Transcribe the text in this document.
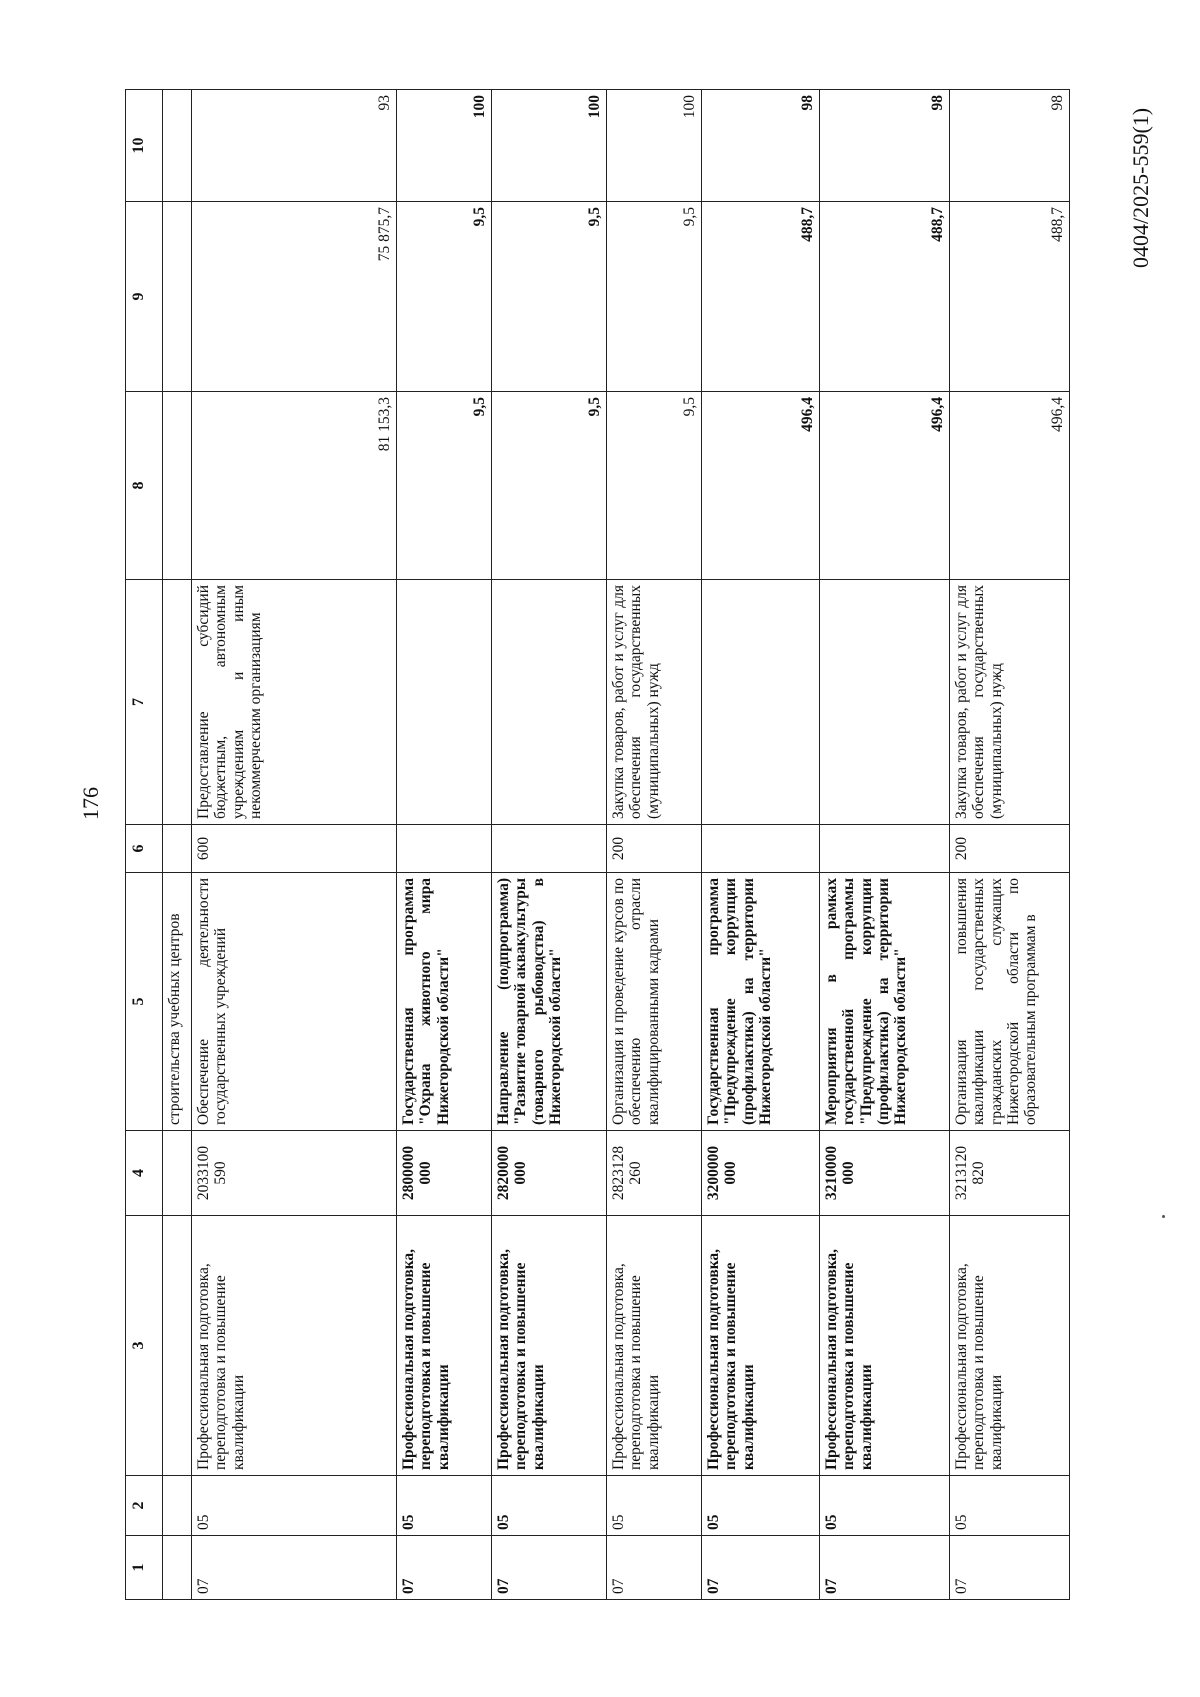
176
0404/2025-559(1)
1	2	3	4	5	6	7	8	9	10
				строительства учебных центров					
07	05	Профессиональная подготовка, переподготовка и повышение квалификации	2033100 590	Обеспечение деятельности государственных учреждений	600	Предоставление субсидий бюджетным, автономным учреждениям и иным некоммерческим организациям	81 153,3	75 875,7	93
07	05	Профессиональная подготовка, переподготовка и повышение квалификации	2800000 000	Государственная программа "Охрана животного мира Нижегородской области"			9,5	9,5	100
07	05	Профессиональная подготовка, переподготовка и повышение квалификации	2820000 000	Направление (подпрограмма) "Развитие товарной аквакультуры (товарного рыбоводства) в Нижегородской области"			9,5	9,5	100
07	05	Профессиональная подготовка, переподготовка и повышение квалификации	2823128 260	Организация и проведение курсов по обеспечению отрасли квалифицированными кадрами	200	Закупка товаров, работ и услуг для обеспечения государственных (муниципальных) нужд	9,5	9,5	100
07	05	Профессиональная подготовка, переподготовка и повышение квалификации	3200000 000	Государственная программа "Предупреждение коррупции (профилактика) на территории Нижегородской области"			496,4	488,7	98
07	05	Профессиональная подготовка, переподготовка и повышение квалификации	3210000 000	Мероприятия в рамках государственной программы "Предупреждение коррупции (профилактика) на территории Нижегородской области"			496,4	488,7	98
07	05	Профессиональная подготовка, переподготовка и повышение квалификации	3213120 820	Организация повышения квалификации государственных гражданских служащих Нижегородской области по образовательным программам в	200	Закупка товаров, работ и услуг для обеспечения государственных (муниципальных) нужд	496,4	488,7	98
